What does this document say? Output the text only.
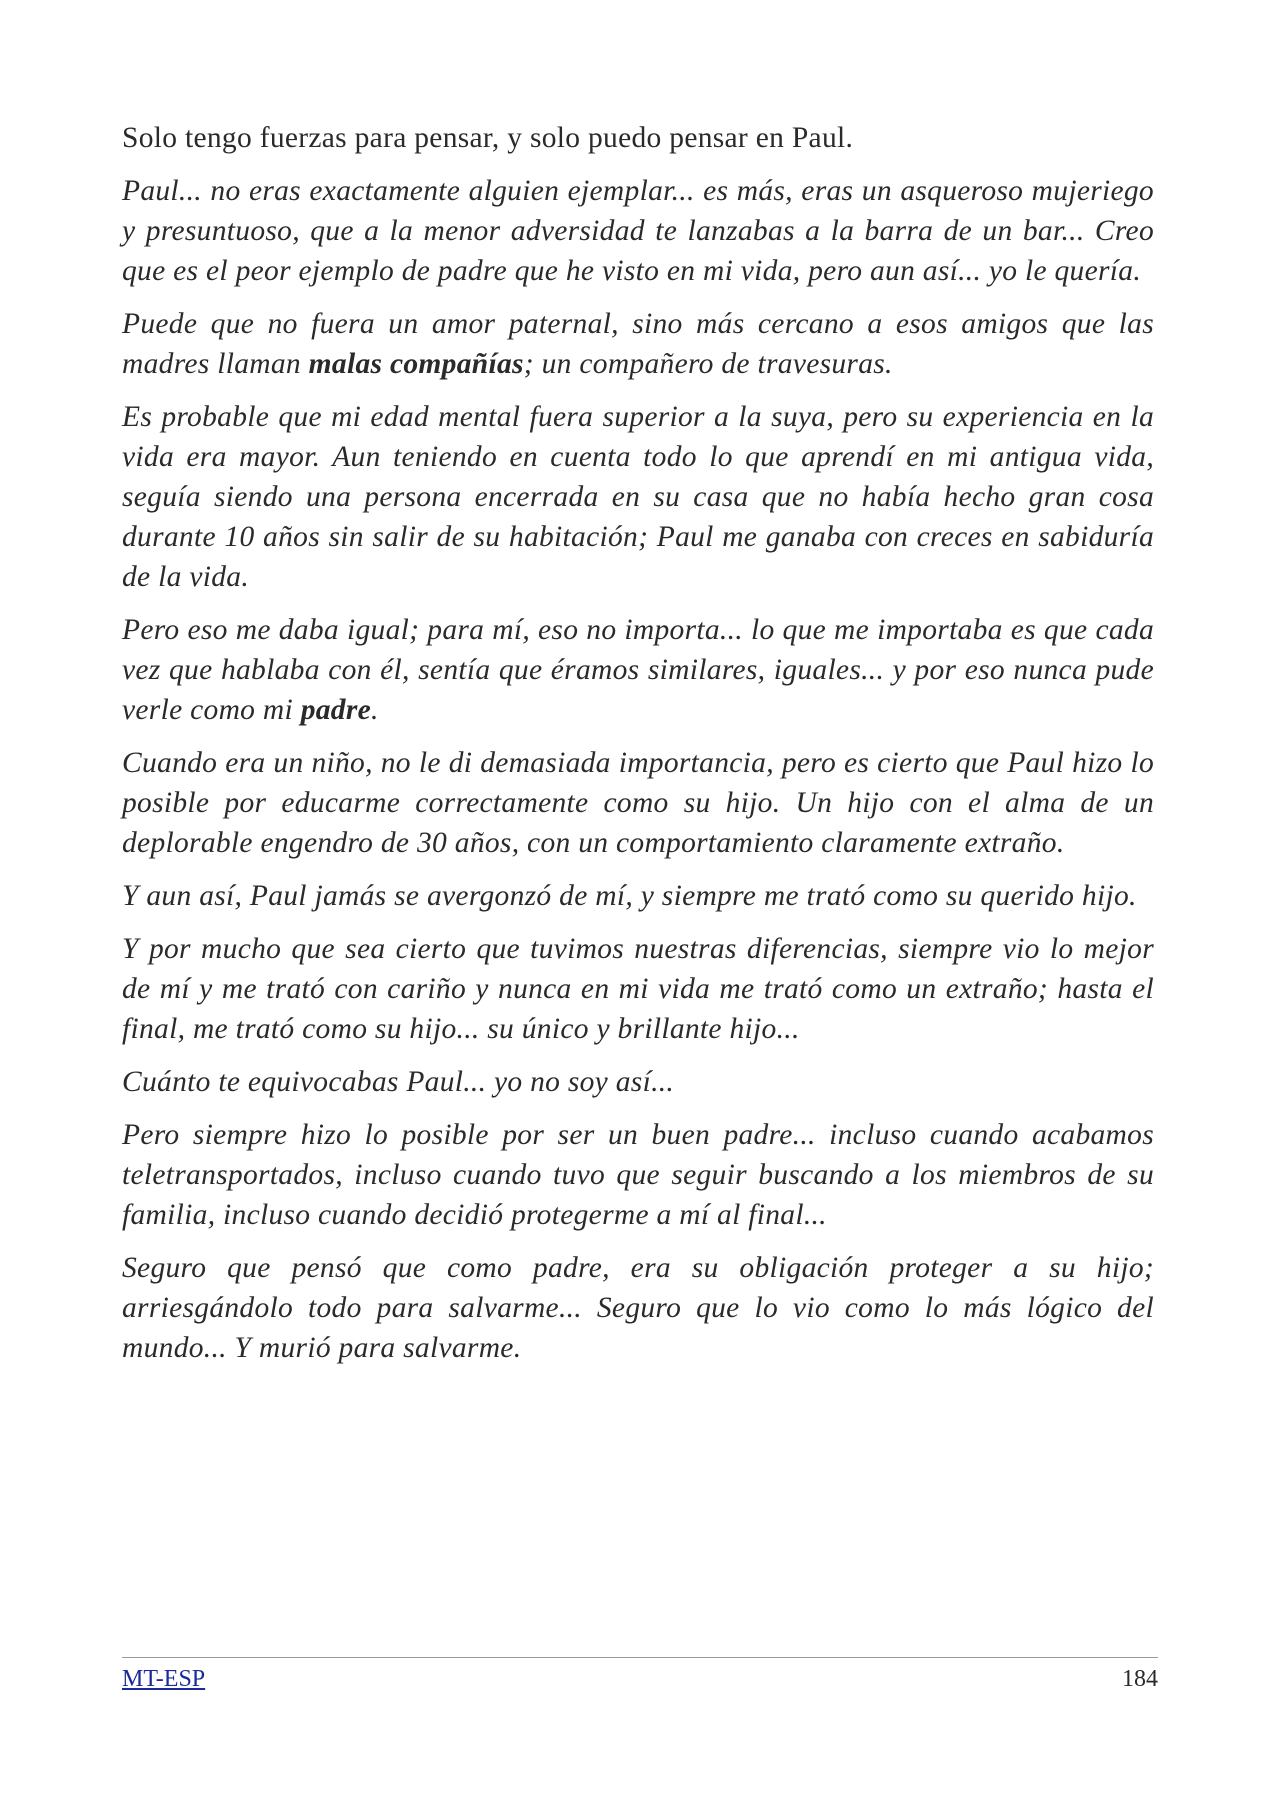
Solo tengo fuerzas para pensar, y solo puedo pensar en Paul.

Paul... no eras exactamente alguien ejemplar... es más, eras un asqueroso mujeriego y presuntuoso, que a la menor adversidad te lanzabas a la barra de un bar... Creo que es el peor ejemplo de padre que he visto en mi vida, pero aun así... yo le quería.

Puede que no fuera un amor paternal, sino más cercano a esos amigos que las madres llaman malas compañías; un compañero de travesuras.

Es probable que mi edad mental fuera superior a la suya, pero su experiencia en la vida era mayor. Aun teniendo en cuenta todo lo que aprendí en mi antigua vida, seguía siendo una persona encerrada en su casa que no había hecho gran cosa durante 10 años sin salir de su habitación; Paul me ganaba con creces en sabiduría de la vida.

Pero eso me daba igual; para mí, eso no importa... lo que me importaba es que cada vez que hablaba con él, sentía que éramos similares, iguales... y por eso nunca pude verle como mi padre.

Cuando era un niño, no le di demasiada importancia, pero es cierto que Paul hizo lo posible por educarme correctamente como su hijo. Un hijo con el alma de un deplorable engendro de 30 años, con un comportamiento claramente extraño.

Y aun así, Paul jamás se avergonzó de mí, y siempre me trató como su querido hijo.

Y por mucho que sea cierto que tuvimos nuestras diferencias, siempre vio lo mejor de mí y me trató con cariño y nunca en mi vida me trató como un extraño; hasta el final, me trató como su hijo... su único y brillante hijo...

Cuánto te equivocabas Paul... yo no soy así...

Pero siempre hizo lo posible por ser un buen padre... incluso cuando acabamos teletransportados, incluso cuando tuvo que seguir buscando a los miembros de su familia, incluso cuando decidió protegerme a mí al final...

Seguro que pensó que como padre, era su obligación proteger a su hijo; arriesgándolo todo para salvarme... Seguro que lo vio como lo más lógico del mundo... Y murió para salvarme.

MT-ESP	184
